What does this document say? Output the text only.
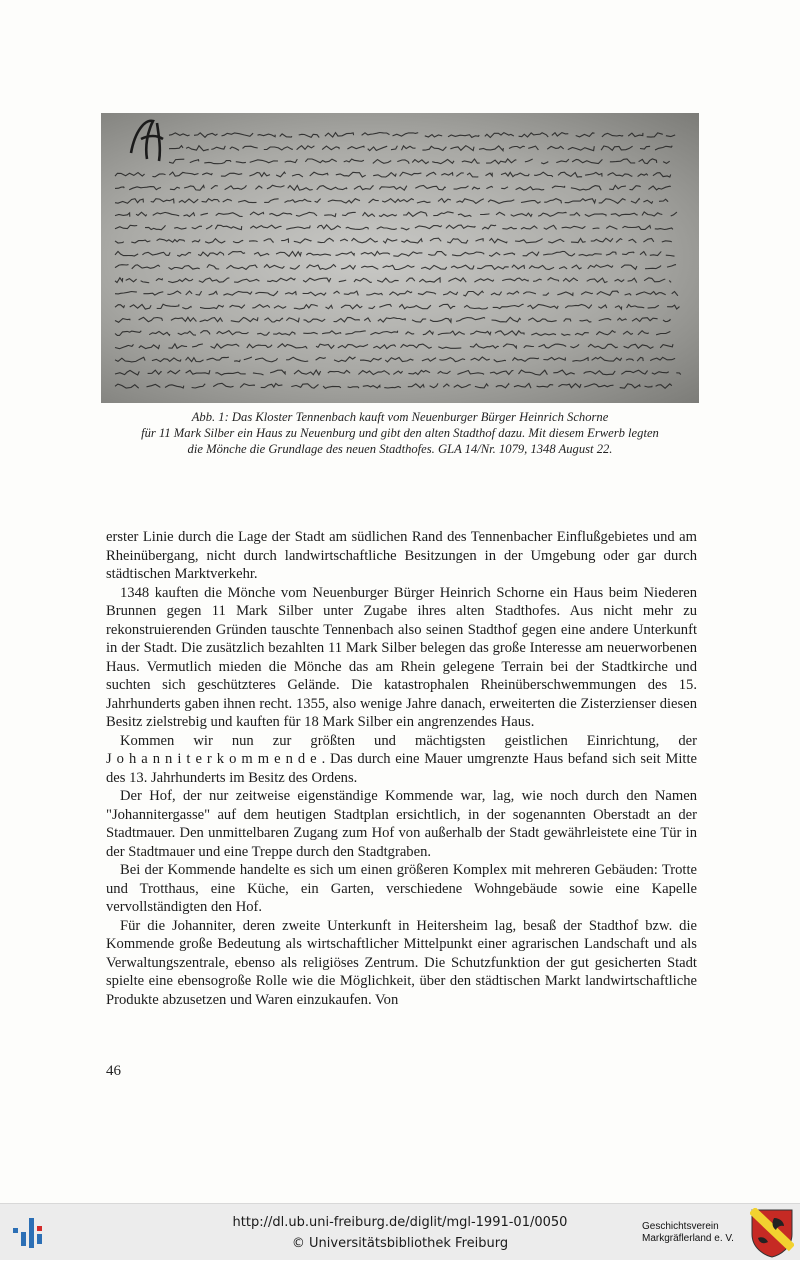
Abb. 1: Das Kloster Tennenbach kauft vom Neuenburger Bürger Heinrich Schorne
für 11 Mark Silber ein Haus zu Neuenburg und gibt den alten Stadthof dazu. Mit diesem Erwerb legten
die Mönche die Grundlage des neuen Stadthofes. GLA 14/Nr. 1079, 1348 August 22.

erster Linie durch die Lage der Stadt am südlichen Rand des Tennenbacher Einflußgebietes und am Rheinübergang, nicht durch landwirtschaftliche Besitzungen in der Umgebung oder gar durch städtischen Marktverkehr.

1348 kauften die Mönche vom Neuenburger Bürger Heinrich Schorne ein Haus beim Niederen Brunnen gegen 11 Mark Silber unter Zugabe ihres alten Stadthofes. Aus nicht mehr zu rekonstruierenden Gründen tauschte Tennenbach also seinen Stadthof gegen eine andere Unterkunft in der Stadt. Die zusätzlich bezahlten 11 Mark Silber belegen das große Interesse am neuerworbenen Haus. Vermutlich mieden die Mönche das am Rhein gelegene Terrain bei der Stadtkirche und suchten sich geschützteres Gelände. Die katastrophalen Rheinüberschwemmungen des 15. Jahrhunderts gaben ihnen recht. 1355, also wenige Jahre danach, erweiterten die Zisterzienser diesen Besitz zielstrebig und kauften für 18 Mark Silber ein angrenzendes Haus.

Kommen wir nun zur größten und mächtigsten geistlichen Einrichtung, der Johanniterkommende. Das durch eine Mauer umgrenzte Haus befand sich seit Mitte des 13. Jahrhunderts im Besitz des Ordens.

Der Hof, der nur zeitweise eigenständige Kommende war, lag, wie noch durch den Namen "Johannitergasse" auf dem heutigen Stadtplan ersichtlich, in der sogenannten Oberstadt an der Stadtmauer. Den unmittelbaren Zugang zum Hof von außerhalb der Stadt gewährleistete eine Tür in der Stadtmauer und eine Treppe durch den Stadtgraben.

Bei der Kommende handelte es sich um einen größeren Komplex mit mehreren Gebäuden: Trotte und Trotthaus, eine Küche, ein Garten, verschiedene Wohngebäude sowie eine Kapelle vervollständigten den Hof.

Für die Johanniter, deren zweite Unterkunft in Heitersheim lag, besaß der Stadthof bzw. die Kommende große Bedeutung als wirtschaftlicher Mittelpunkt einer agrarischen Landschaft und als Verwaltungszentrale, ebenso als religiöses Zentrum. Die Schutzfunktion der gut gesicherten Stadt spielte eine ebensogroße Rolle wie die Möglichkeit, über den städtischen Markt landwirtschaftliche Produkte abzusetzen und Waren einzukaufen. Von

46
http://dl.ub.uni-freiburg.de/diglit/mgl-1991-01/0050
© Universitätsbibliothek Freiburg
Geschichtsverein
Markgräflerland e. V.
